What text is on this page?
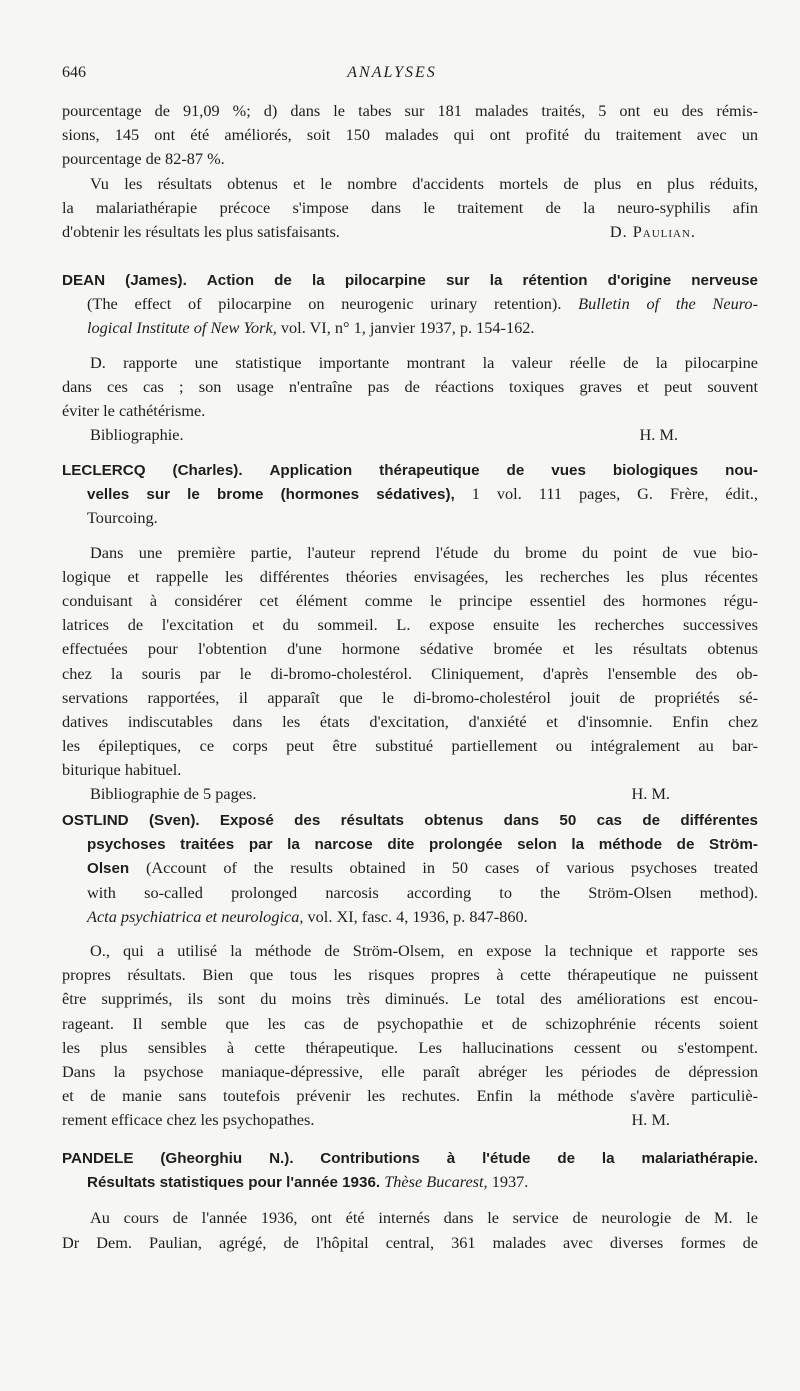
646	ANALYSES
pourcentage de 91,09 %; d) dans le tabes sur 181 malades traités, 5 ont eu des rémis-
sions, 145 ont été améliorés, soit 150 malades qui ont profité du traitement avec un
pourcentage de 82-87 %.
Vu les résultats obtenus et le nombre d'accidents mortels de plus en plus réduits,
la malariathérapie précoce s'impose dans le traitement de la neuro-syphilis afin
d'obtenir les résultats les plus satisfaisants.	D. Paulian.
DEAN (James). Action de la pilocarpine sur la rétention d'origine nerveuse
(The effect of pilocarpine on neurogenic urinary retention). Bulletin of the Neuro-
logical Institute of New York, vol. VI, n° 1, janvier 1937, p. 154-162.
D. rapporte une statistique importante montrant la valeur réelle de la pilocarpine
dans ces cas ; son usage n'entraîne pas de réactions toxiques graves et peut souvent
éviter le cathétérisme.
Bibliographie.	H. M.
LECLERCQ (Charles). Application thérapeutique de vues biologiques nou-
velles sur le brome (hormones sédatives), 1 vol. 111 pages, G. Frère, édit.,
Tourcoing.
Dans une première partie, l'auteur reprend l'étude du brome du point de vue bio-
logique et rappelle les différentes théories envisagées, les recherches les plus récentes
conduisant à considérer cet élément comme le principe essentiel des hormones régu-
latrices de l'excitation et du sommeil. L. expose ensuite les recherches successives
effectuées pour l'obtention d'une hormone sédative bromée et les résultats obtenus
chez la souris par le di-bromo-cholestérol. Cliniquement, d'après l'ensemble des ob-
servations rapportées, il apparaît que le di-bromo-cholestérol jouit de propriétés sé-
datives indiscutables dans les états d'excitation, d'anxiété et d'insomnie. Enfin chez
les épileptiques, ce corps peut être substitué partiellement ou intégralement au bar-
biturique habituel.
Bibliographie de 5 pages.	H. M.
OSTLIND (Sven). Exposé des résultats obtenus dans 50 cas de différentes
psychoses traitées par la narcose dite prolongée selon la méthode de Ström-
Olsen (Account of the results obtained in 50 cases of various psychoses treated
with so-called prolonged narcosis according to the Ström-Olsen method).
Acta psychiatrica et neurologica, vol. XI, fasc. 4, 1936, p. 847-860.
O., qui a utilisé la méthode de Ström-Olsem, en expose la technique et rapporte ses
propres résultats. Bien que tous les risques propres à cette thérapeutique ne puissent
être supprimés, ils sont du moins très diminués. Le total des améliorations est encou-
rageant. Il semble que les cas de psychopathie et de schizophrénie récents soient
les plus sensibles à cette thérapeutique. Les hallucinations cessent ou s'estompent.
Dans la psychose maniaque-dépressive, elle paraît abréger les périodes de dépression
et de manie sans toutefois prévenir les rechutes. Enfin la méthode s'avère particuliè-
rement efficace chez les psychopathes.	H. M.
PANDELE (Gheorghiu N.). Contributions à l'étude de la malariathérapie.
Résultats statistiques pour l'année 1936. Thèse Bucarest, 1937.
Au cours de l'année 1936, ont été internés dans le service de neurologie de M. le
Dr Dem. Paulian, agrégé, de l'hôpital central, 361 malades avec diverses formes de
